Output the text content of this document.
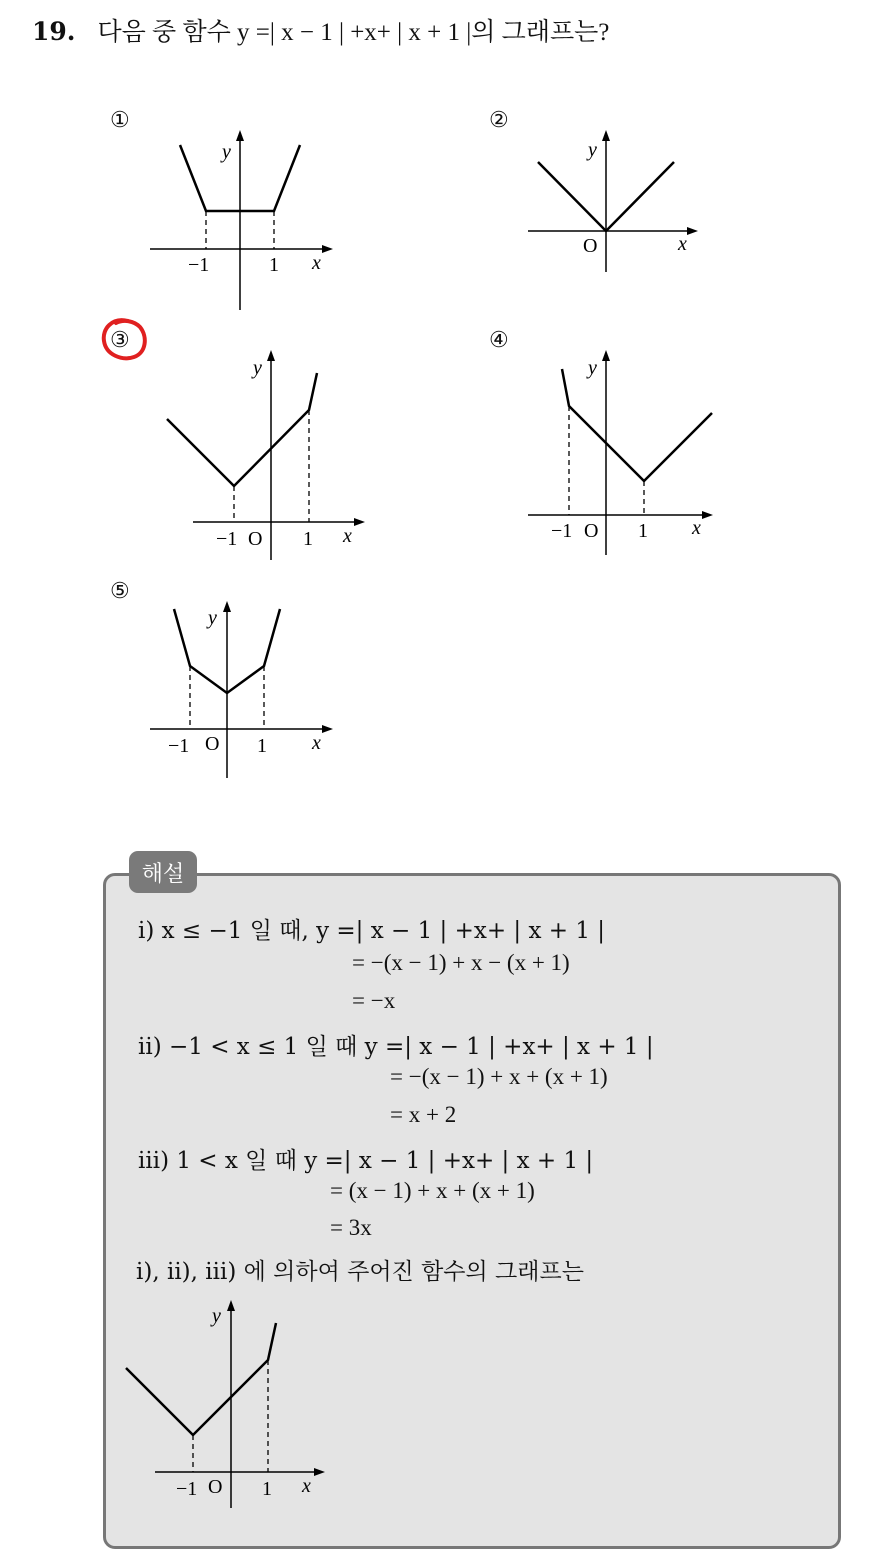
19. 다음 중 함수 y =| x − 1 | +x+ | x + 1 |의 그래프는?
①	②
③	④
⑤
y
x
−1	1
y
x
O
y
x
−1 O 1
y
x
−1 O 1
y
x
−1 O 1
해설
ⅰ) x ≤ −1 일 때, y =| x − 1 | +x+ | x + 1 |
= −(x − 1) + x − (x + 1)
= −x
ⅱ) −1 < x ≤ 1 일 때 y =| x − 1 | +x+ | x + 1 |
= −(x − 1) + x + (x + 1)
= x + 2
ⅲ) 1 < x 일 때 y =| x − 1 | +x+ | x + 1 |
= (x − 1) + x + (x + 1)
= 3x
ⅰ), ⅱ), ⅲ) 에 의하여 주어진 함수의 그래프는
y
x
−1 O 1
